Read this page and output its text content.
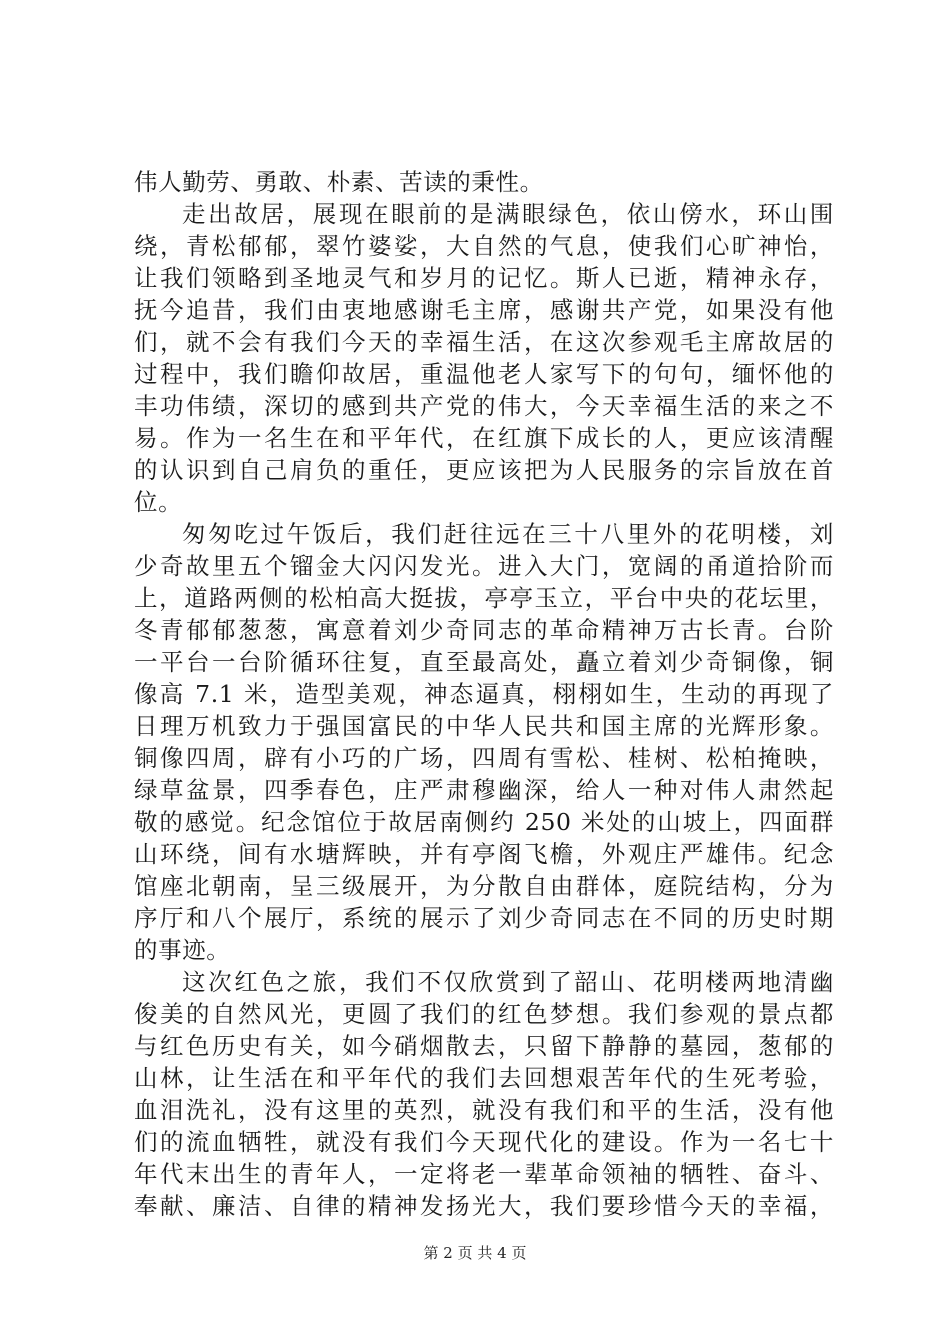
伟人勤劳、勇敢、朴素、苦读的秉性。
走出故居，展现在眼前的是满眼绿色，依山傍水，环山围
绕，青松郁郁，翠竹婆娑，大自然的气息，使我们心旷神怡，
让我们领略到圣地灵气和岁月的记忆。斯人已逝，精神永存，
抚今追昔，我们由衷地感谢毛主席，感谢共产党，如果没有他
们，就不会有我们今天的幸福生活，在这次参观毛主席故居的
过程中，我们瞻仰故居，重温他老人家写下的句句，缅怀他的
丰功伟绩，深切的感到共产党的伟大，今天幸福生活的来之不
易。作为一名生在和平年代，在红旗下成长的人，更应该清醒
的认识到自己肩负的重任，更应该把为人民服务的宗旨放在首
位。
匆匆吃过午饭后，我们赶往远在三十八里外的花明楼，刘
少奇故里五个镏金大闪闪发光。进入大门，宽阔的甬道拾阶而
上，道路两侧的松柏高大挺拔，亭亭玉立，平台中央的花坛里，
冬青郁郁葱葱，寓意着刘少奇同志的革命精神万古长青。台阶
一平台一台阶循环往复，直至最高处，矗立着刘少奇铜像，铜
像高 7.1 米，造型美观，神态逼真，栩栩如生，生动的再现了
日理万机致力于强国富民的中华人民共和国主席的光辉形象。
铜像四周，辟有小巧的广场，四周有雪松、桂树、松柏掩映，
绿草盆景，四季春色，庄严肃穆幽深，给人一种对伟人肃然起
敬的感觉。纪念馆位于故居南侧约 250 米处的山坡上，四面群
山环绕，间有水塘辉映，并有亭阁飞檐，外观庄严雄伟。纪念
馆座北朝南，呈三级展开，为分散自由群体，庭院结构，分为
序厅和八个展厅，系统的展示了刘少奇同志在不同的历史时期
的事迹。
这次红色之旅，我们不仅欣赏到了韶山、花明楼两地清幽
俊美的自然风光，更圆了我们的红色梦想。我们参观的景点都
与红色历史有关，如今硝烟散去，只留下静静的墓园，葱郁的
山林，让生活在和平年代的我们去回想艰苦年代的生死考验，
血泪洗礼，没有这里的英烈，就没有我们和平的生活，没有他
们的流血牺牲，就没有我们今天现代化的建设。作为一名七十
年代末出生的青年人，一定将老一辈革命领袖的牺牲、奋斗、
奉献、廉洁、自律的精神发扬光大，我们要珍惜今天的幸福，
第 2 页 共 4 页
